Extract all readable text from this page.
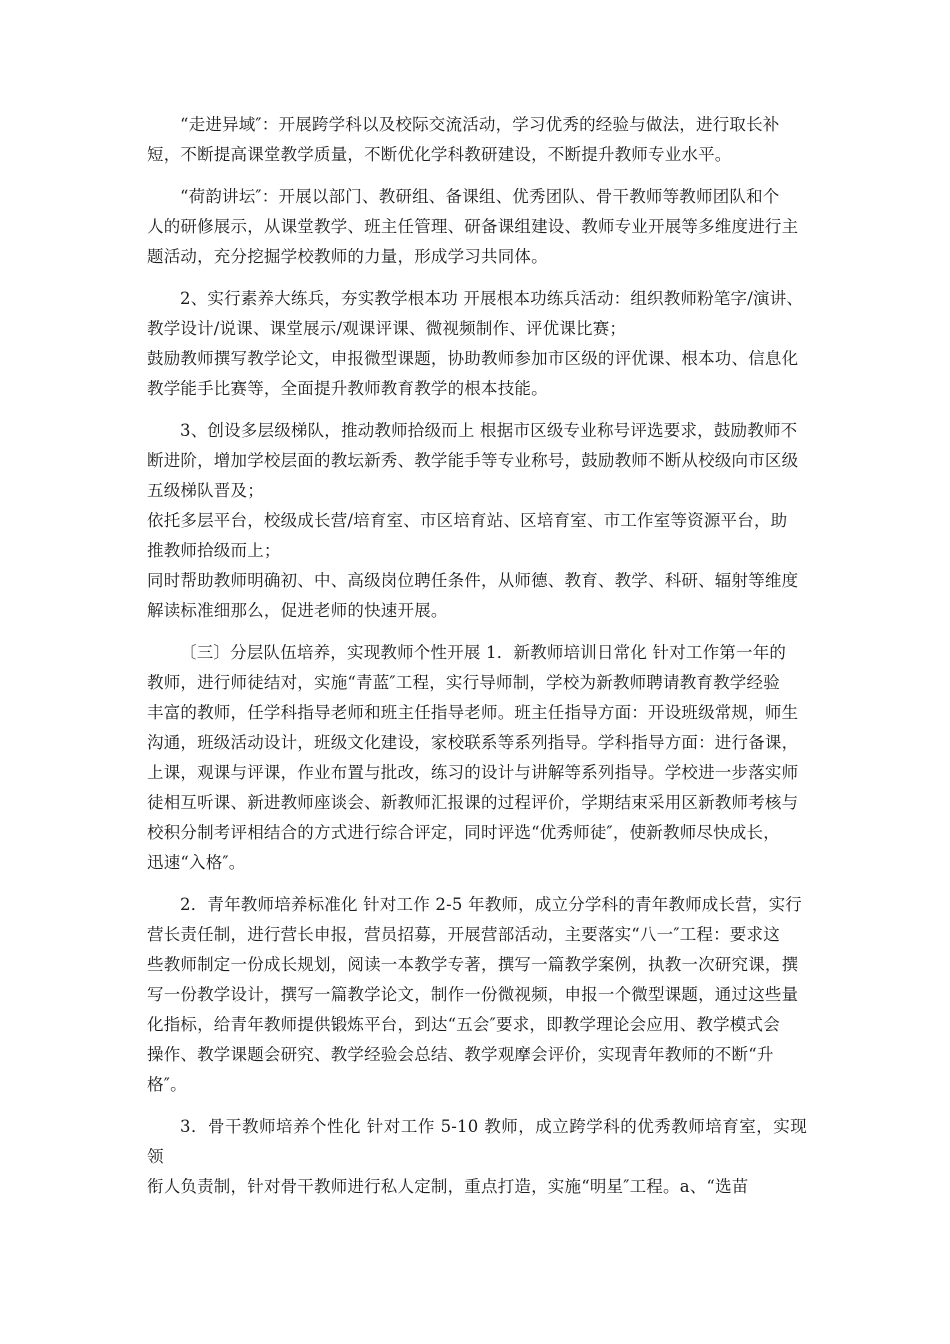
“走进异域″：开展跨学科以及校际交流活动，学习优秀的经验与做法，进行取长补
短，不断提高课堂教学质量，不断优化学科教研建设，不断提升教师专业水平。
“荷韵讲坛″：开展以部门、教研组、备课组、优秀团队、骨干教师等教师团队和个
人的研修展示，从课堂教学、班主任管理、研备课组建设、教师专业开展等多维度进行主
题活动，充分挖掘学校教师的力量，形成学习共同体。
2、实行素养大练兵，夯实教学根本功 开展根本功练兵活动：组织教师粉笔字/演讲、
教学设计/说课、课堂展示/观课评课、微视频制作、评优课比赛；
鼓励教师撰写教学论文，申报微型课题，协助教师参加市区级的评优课、根本功、信息化
教学能手比赛等，全面提升教师教育教学的根本技能。
3、创设多层级梯队，推动教师拾级而上 根据市区级专业称号评选要求，鼓励教师不
断进阶，增加学校层面的教坛新秀、教学能手等专业称号，鼓励教师不断从校级向市区级
五级梯队晋及；
依托多层平台，校级成长营/培育室、市区培育站、区培育室、市工作室等资源平台，助
推教师拾级而上；
同时帮助教师明确初、中、高级岗位聘任条件，从师德、教育、教学、科研、辐射等维度
解读标准细那么，促进老师的快速开展。
〔三〕分层队伍培养，实现教师个性开展 1．新教师培训日常化 针对工作第一年的
教师，进行师徒结对，实施“青蓝″工程，实行导师制，学校为新教师聘请教育教学经验
丰富的教师，任学科指导老师和班主任指导老师。班主任指导方面：开设班级常规，师生
沟通，班级活动设计，班级文化建设，家校联系等系列指导。学科指导方面：进行备课，
上课，观课与评课，作业布置与批改，练习的设计与讲解等系列指导。学校进一步落实师
徒相互听课、新进教师座谈会、新教师汇报课的过程评价，学期结束采用区新教师考核与
校积分制考评相结合的方式进行综合评定，同时评选“优秀师徒″，使新教师尽快成长，
迅速“入格″。
2．青年教师培养标准化 针对工作 2-5 年教师，成立分学科的青年教师成长营，实行
营长责任制，进行营长申报，营员招募，开展营部活动，主要落实“八一″工程：要求这
些教师制定一份成长规划，阅读一本教学专著，撰写一篇教学案例，执教一次研究课，撰
写一份教学设计，撰写一篇教学论文，制作一份微视频，申报一个微型课题，通过这些量
化指标，给青年教师提供锻炼平台，到达“五会″要求，即教学理论会应用、教学模式会
操作、教学课题会研究、教学经验会总结、教学观摩会评价，实现青年教师的不断“升
格″。
3．骨干教师培养个性化 针对工作 5-10 教师，成立跨学科的优秀教师培育室，实现领
衔人负责制，针对骨干教师进行私人定制，重点打造，实施“明星″工程。a、“选苗
